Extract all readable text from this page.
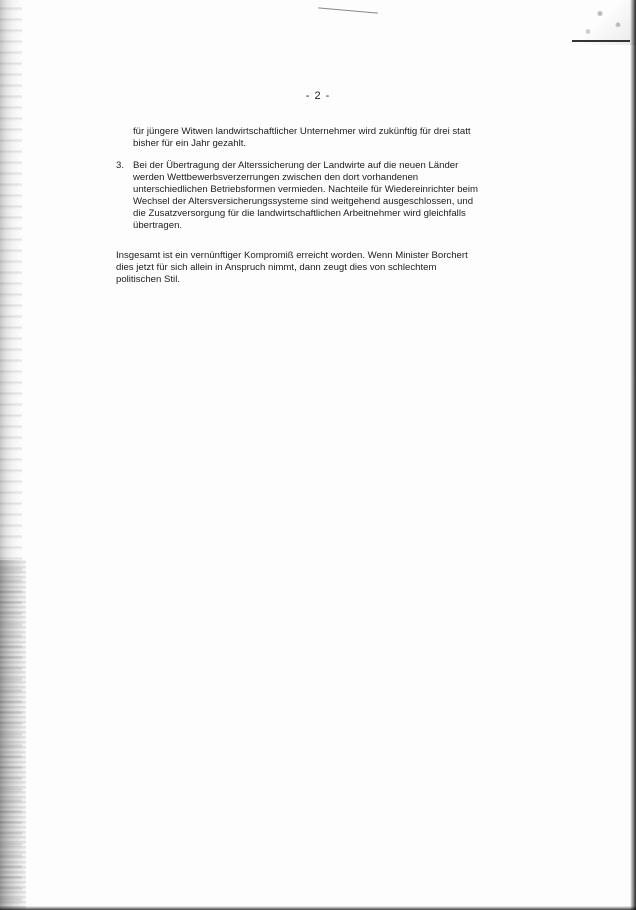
- 2 -
für jüngere Witwen landwirtschaftlicher Unternehmer wird zukünftig für drei statt
bisher für ein Jahr gezahlt.
3. Bei der Übertragung der Alterssicherung der Landwirte auf die neuen Länder
werden Wettbewerbsverzerrungen zwischen den dort vorhandenen
unterschiedlichen Betriebsformen vermieden. Nachteile für Wiedereinrichter beim
Wechsel der Altersversicherungssysteme sind weitgehend ausgeschlossen, und
die Zusatzversorgung für die landwirtschaftlichen Arbeitnehmer wird gleichfalls
übertragen.
Insgesamt ist ein vernünftiger Kompromiß erreicht worden. Wenn Minister Borchert
dies jetzt für sich allein in Anspruch nimmt, dann zeugt dies von schlechtem
politischen Stil.
